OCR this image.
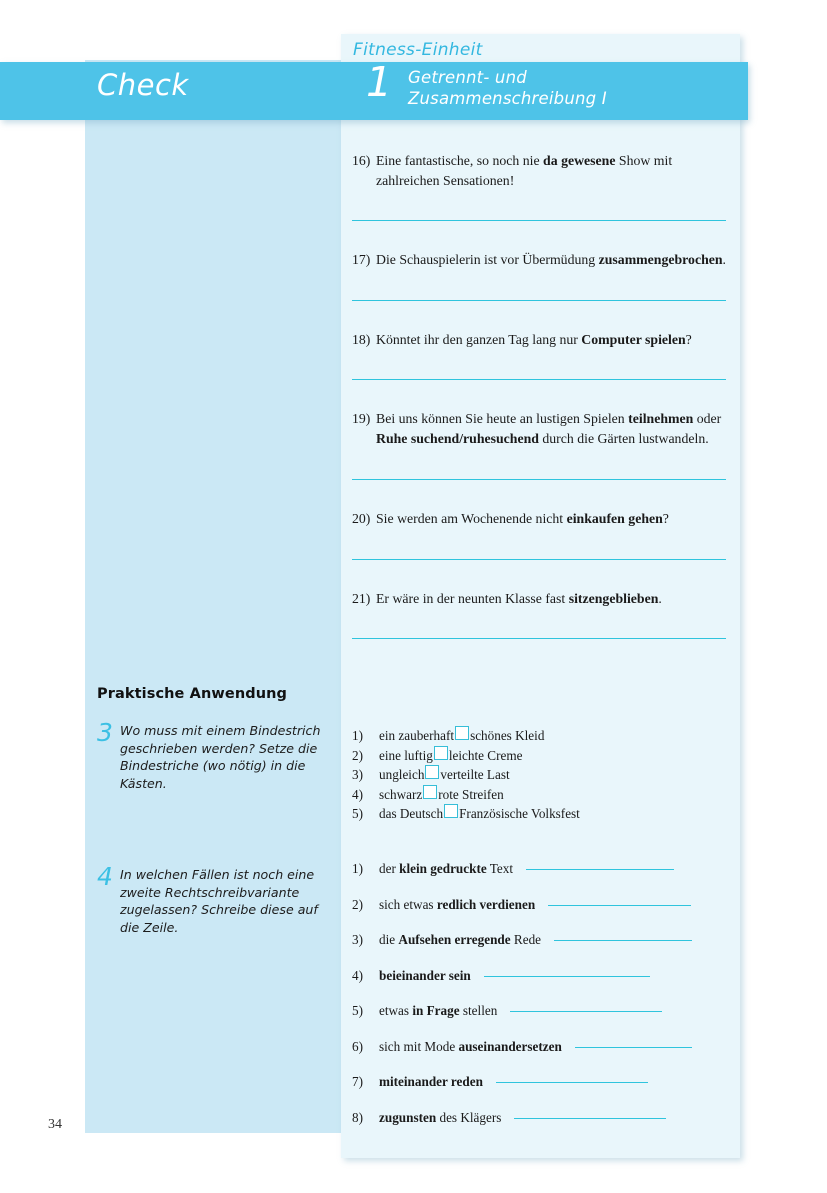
Check
Fitness-Einheit
1 Getrennt- und
Zusammenschreibung I
16) Eine fantastische, so noch nie da gewesene Show mit zahlreichen Sensationen!
17) Die Schauspielerin ist vor Übermüdung zusammengebrochen.
18) Könntet ihr den ganzen Tag lang nur Computer spielen?
19) Bei uns können Sie heute an lustigen Spielen teilnehmen oder Ruhe suchend/ruhesuchend durch die Gärten lustwandeln.
20) Sie werden am Wochenende nicht einkaufen gehen?
21) Er wäre in der neunten Klasse fast sitzengeblieben.
Praktische Anwendung
3 Wo muss mit einem Bindestrich geschrieben werden? Setze die Bindestriche (wo nötig) in die Kästen.
4 In welchen Fällen ist noch eine zweite Rechtschreibvariante zugelassen? Schreibe diese auf die Zeile.
1)	ein zauberhaft schönes Kleid
2)	eine luftig leichte Creme
3)	ungleich verteilte Last
4)	schwarz rote Streifen
5)	das Deutsch Französische Volksfest
1)	der klein gedruckte Text
2)	sich etwas redlich verdienen
3)	die Aufsehen erregende Rede
4)	beieinander sein
5)	etwas in Frage stellen
6)	sich mit Mode auseinandersetzen
7)	miteinander reden
8)	zugunsten des Klägers
34
